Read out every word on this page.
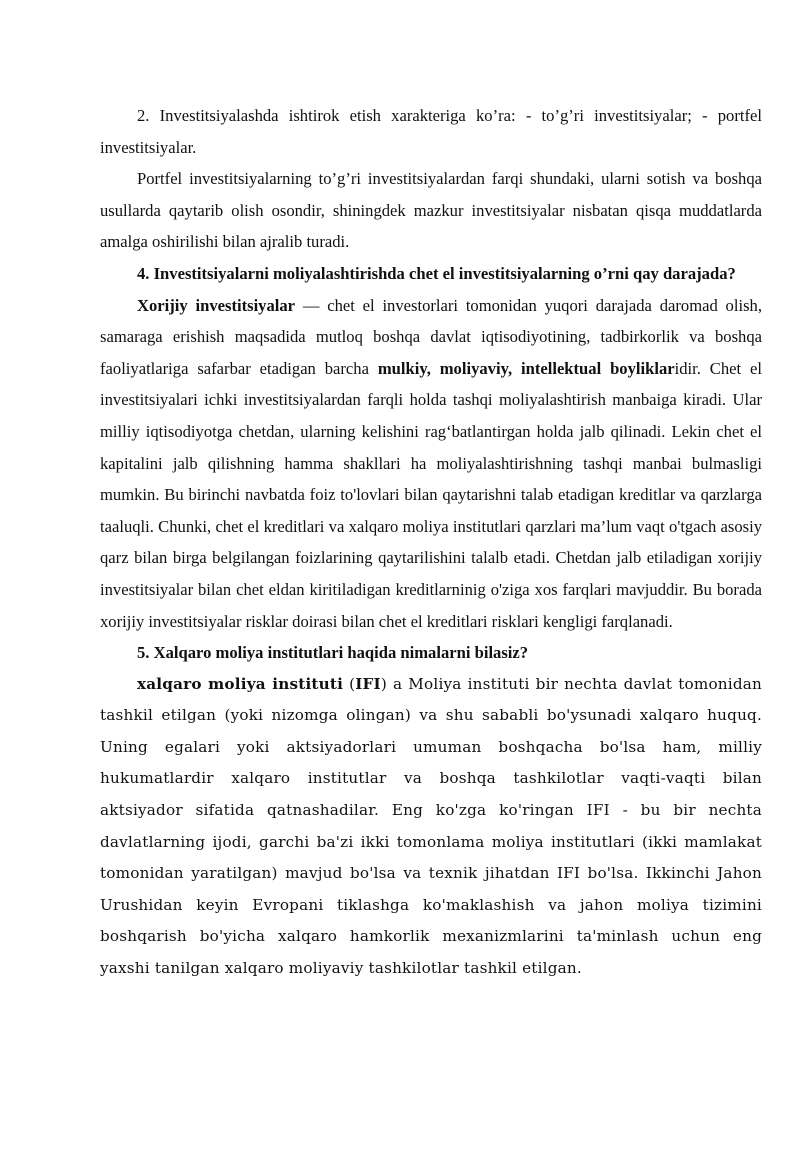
2. Investitsiyalashda ishtirok etish xarakteriga ko’ra: - to’g’ri investitsiyalar; - portfel investitsiyalar.

Portfel investitsiyalarning to’g’ri investitsiyalardan farqi shundaki, ularni sotish va boshqa usullarda qaytarib olish osondir, shiningdek mazkur investitsiyalar nisbatan qisqa muddatlarda amalga oshirilishi bilan ajralib turadi.

4. Investitsiyalarni moliyalashtirishda chet el investitsiyalarning o’rni qay darajada?

Xorijiy investitsiyalar — chet el investorlari tomonidan yuqori darajada daromad olish, samaraga erishish maqsadida mutloq boshqa davlat iqtisodiyotining, tadbirkorlik va boshqa faoliyatlariga safarbar etadigan barcha mulkiy, moliyaviy, intellektual boyliklaridir. Chet el investitsiyalari ichki investitsiyalardan farqli holda tashqi moliyalashtirish manbaiga kiradi. Ular milliy iqtisodiyotga chetdan, ularning kelishini rag‘batlantirgan holda jalb qilinadi. Lekin chet el kapitalini jalb qilishning hamma shakllari ha moliyalashtirishning tashqi manbai bulmasligi mumkin. Bu birinchi navbatda foiz to'lovlari bilan qaytarishni talab etadigan kreditlar va qarzlarga taaluqli. Chunki, chet el kreditlari va xalqaro moliya institutlari qarzlari ma’lum vaqt o'tgach asosiy qarz bilan birga belgilangan foizlarining qaytarilishini talalb etadi. Chetdan jalb etiladigan xorijiy investitsiyalar bilan chet eldan kiritiladigan kreditlarninig o'ziga xos farqlari mavjuddir. Bu borada xorijiy investitsiyalar risklar doirasi bilan chet el kreditlari risklari kengligi farqlanadi.

5. Xalqaro moliya institutlari haqida nimalarni bilasiz?

xalqaro moliya instituti (IFI) a Moliya instituti bir nechta davlat tomonidan tashkil etilgan (yoki nizomga olingan) va shu sababli bo'ysunadi xalqaro huquq. Uning egalari yoki aktsiyadorlari umuman boshqacha bo'lsa ham, milliy hukumatlardir xalqaro institutlar va boshqa tashkilotlar vaqti-vaqti bilan aktsiyador sifatida qatnashadilar. Eng ko'zga ko'ringan IFI - bu bir nechta davlatlarning ijodi, garchi ba'zi ikki tomonlama moliya institutlari (ikki mamlakat tomonidan yaratilgan) mavjud bo'lsa va texnik jihatdan IFI bo'lsa. Ikkinchi Jahon Urushidan keyin Evropani tiklashga ko'maklashish va jahon moliya tizimini boshqarish bo'yicha xalqaro hamkorlik mexanizmlarini ta'minlash uchun eng yaxshi tanilgan xalqaro moliyaviy tashkilotlar tashkil etilgan.
